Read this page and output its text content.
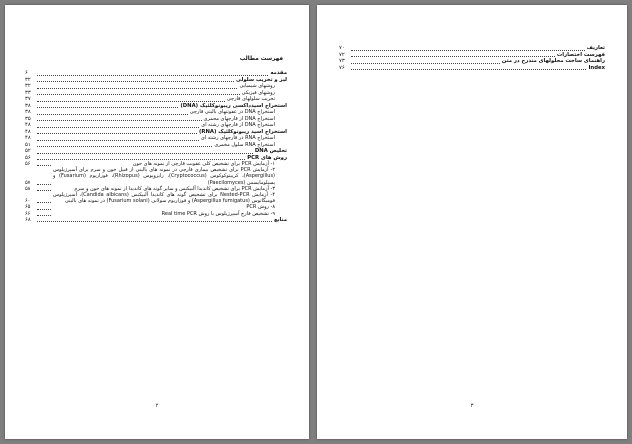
فهرست مطالب
مقدمه
۶
لیز و تخریب سلولی
۳۲
روشهای شیمیایی
۳۲
روشهای فیزیکی
۳۳
تخریب سلولهای قارچی
۳۷
استخراج اسیدداکسی ریبونوکلئیک (DNA)
۳۸
استخراج DNA در عفونتهای بالینی قارچی
۳۸
استخراج DNA از قارچهای مخمری
۳۵
استخراج DNA از قارچهای رشته ای
۴۸
استخراج اسید ریبونوکلئیک (RNA)
۴۸
استخراج RNA در قارچهای رشته ای
۴۸
استخراج RNA سلول مخمری
۵۱
تخلیص DNA
۵۲
روش های PCR
۵۶
۱- آزمایش PCR برای تشخیص کلی عفونت قارچی از نمونه های خون
۵۶
۲- آزمایش PCR برای تشخیص بیماری قارچی در نمونه های بالینی از قبیل خون و سرم برای آسپرژیلوس (Aspergillus)، کریپتوکوکوس (Cryptococcus)، رایزوپوس (Rhizopus)، فوزاریوم (Fusarium) و پسیلومایسس (Paecilomyces)
۵۷
۳- آزمایش PCR برای تشخیص کاندیدا آلبیکنس و سایر گونه های کاندیدا از نمونه های خون و سرم
۵۸
۴- آزمایش Nested-PCR برای تشخیص گونه های کاندیدا آلبیکنس (Candida albicans)، آسپرژیلوس فومیگاتوس (Aspergillus fumigatus) و فوزاریوم سولانی (Fusarium solani) در نمونه های بالینی
۶۰
۸- روش PCR
۶۵
۹- تشخیص قارچ آسپرژیلوس با روش Real time PCR
۶۶
منابع
۶۸
۲
تعاریف
۷۰
فهرست اختصارات
۷۲
راهنمای ساخت محلولهای مندرج در متن
۷۳
Index
۷۶
۳
